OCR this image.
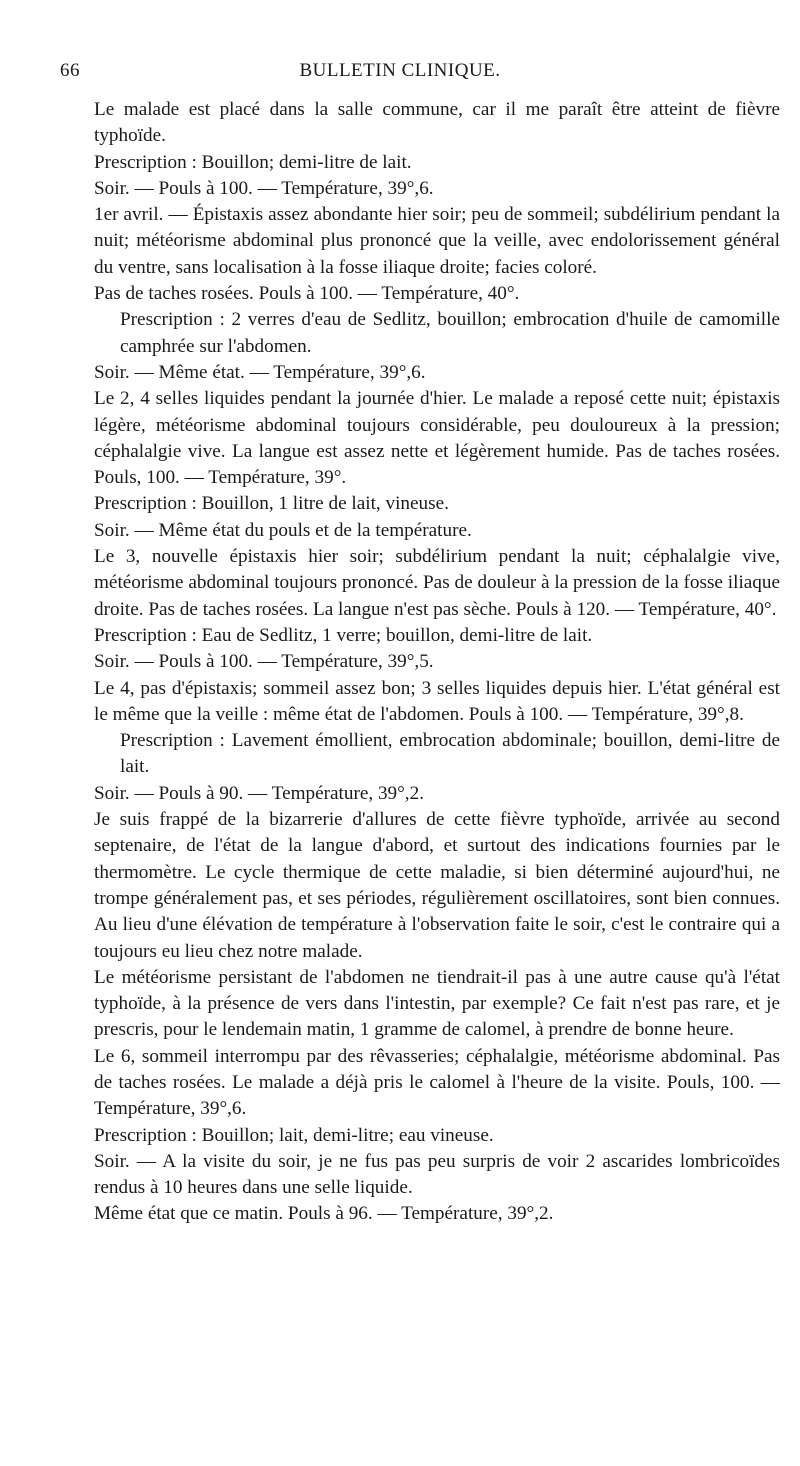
66	BULLETIN CLINIQUE.

Le malade est placé dans la salle commune, car il me paraît être atteint de fièvre typhoïde.

Prescription : Bouillon; demi-litre de lait.

Soir. — Pouls à 100. — Température, 39°,6.

1er avril. — Épistaxis assez abondante hier soir; peu de sommeil; subdélirium pendant la nuit; météorisme abdominal plus prononcé que la veille, avec endolorissement général du ventre, sans localisation à la fosse iliaque droite; facies coloré.

Pas de taches rosées. Pouls à 100. — Température, 40°.

Prescription : 2 verres d'eau de Sedlitz, bouillon; embrocation d'huile de camomille camphrée sur l'abdomen.

Soir. — Même état. — Température, 39°,6.

Le 2, 4 selles liquides pendant la journée d'hier. Le malade a reposé cette nuit; épistaxis légère, météorisme abdominal toujours considérable, peu douloureux à la pression; céphalalgie vive. La langue est assez nette et légèrement humide. Pas de taches rosées. Pouls, 100. — Température, 39°.

Prescription : Bouillon, 1 litre de lait, vineuse.

Soir. — Même état du pouls et de la température.

Le 3, nouvelle épistaxis hier soir; subdélirium pendant la nuit; céphalalgie vive, météorisme abdominal toujours prononcé. Pas de douleur à la pression de la fosse iliaque droite. Pas de taches rosées. La langue n'est pas sèche. Pouls à 120. — Température, 40°.

Prescription : Eau de Sedlitz, 1 verre; bouillon, demi-litre de lait.

Soir. — Pouls à 100. — Température, 39°,5.

Le 4, pas d'épistaxis; sommeil assez bon; 3 selles liquides depuis hier. L'état général est le même que la veille : même état de l'abdomen. Pouls à 100. — Température, 39°,8.

Prescription : Lavement émollient, embrocation abdominale; bouillon, demi-litre de lait.

Soir. — Pouls à 90. — Température, 39°,2.

Je suis frappé de la bizarrerie d'allures de cette fièvre typhoïde, arrivée au second septenaire, de l'état de la langue d'abord, et surtout des indications fournies par le thermomètre. Le cycle thermique de cette maladie, si bien déterminé aujourd'hui, ne trompe généralement pas, et ses périodes, régulièrement oscillatoires, sont bien connues. Au lieu d'une élévation de température à l'observation faite le soir, c'est le contraire qui a toujours eu lieu chez notre malade.

Le météorisme persistant de l'abdomen ne tiendrait-il pas à une autre cause qu'à l'état typhoïde, à la présence de vers dans l'intestin, par exemple? Ce fait n'est pas rare, et je prescris, pour le lendemain matin, 1 gramme de calomel, à prendre de bonne heure.

Le 6, sommeil interrompu par des rêvasseries; céphalalgie, météorisme abdominal. Pas de taches rosées. Le malade a déjà pris le calomel à l'heure de la visite. Pouls, 100. — Température, 39°,6.

Prescription : Bouillon; lait, demi-litre; eau vineuse.

Soir. — A la visite du soir, je ne fus pas peu surpris de voir 2 ascarides lombricoïdes rendus à 10 heures dans une selle liquide.

Même état que ce matin. Pouls à 96. — Température, 39°,2.
